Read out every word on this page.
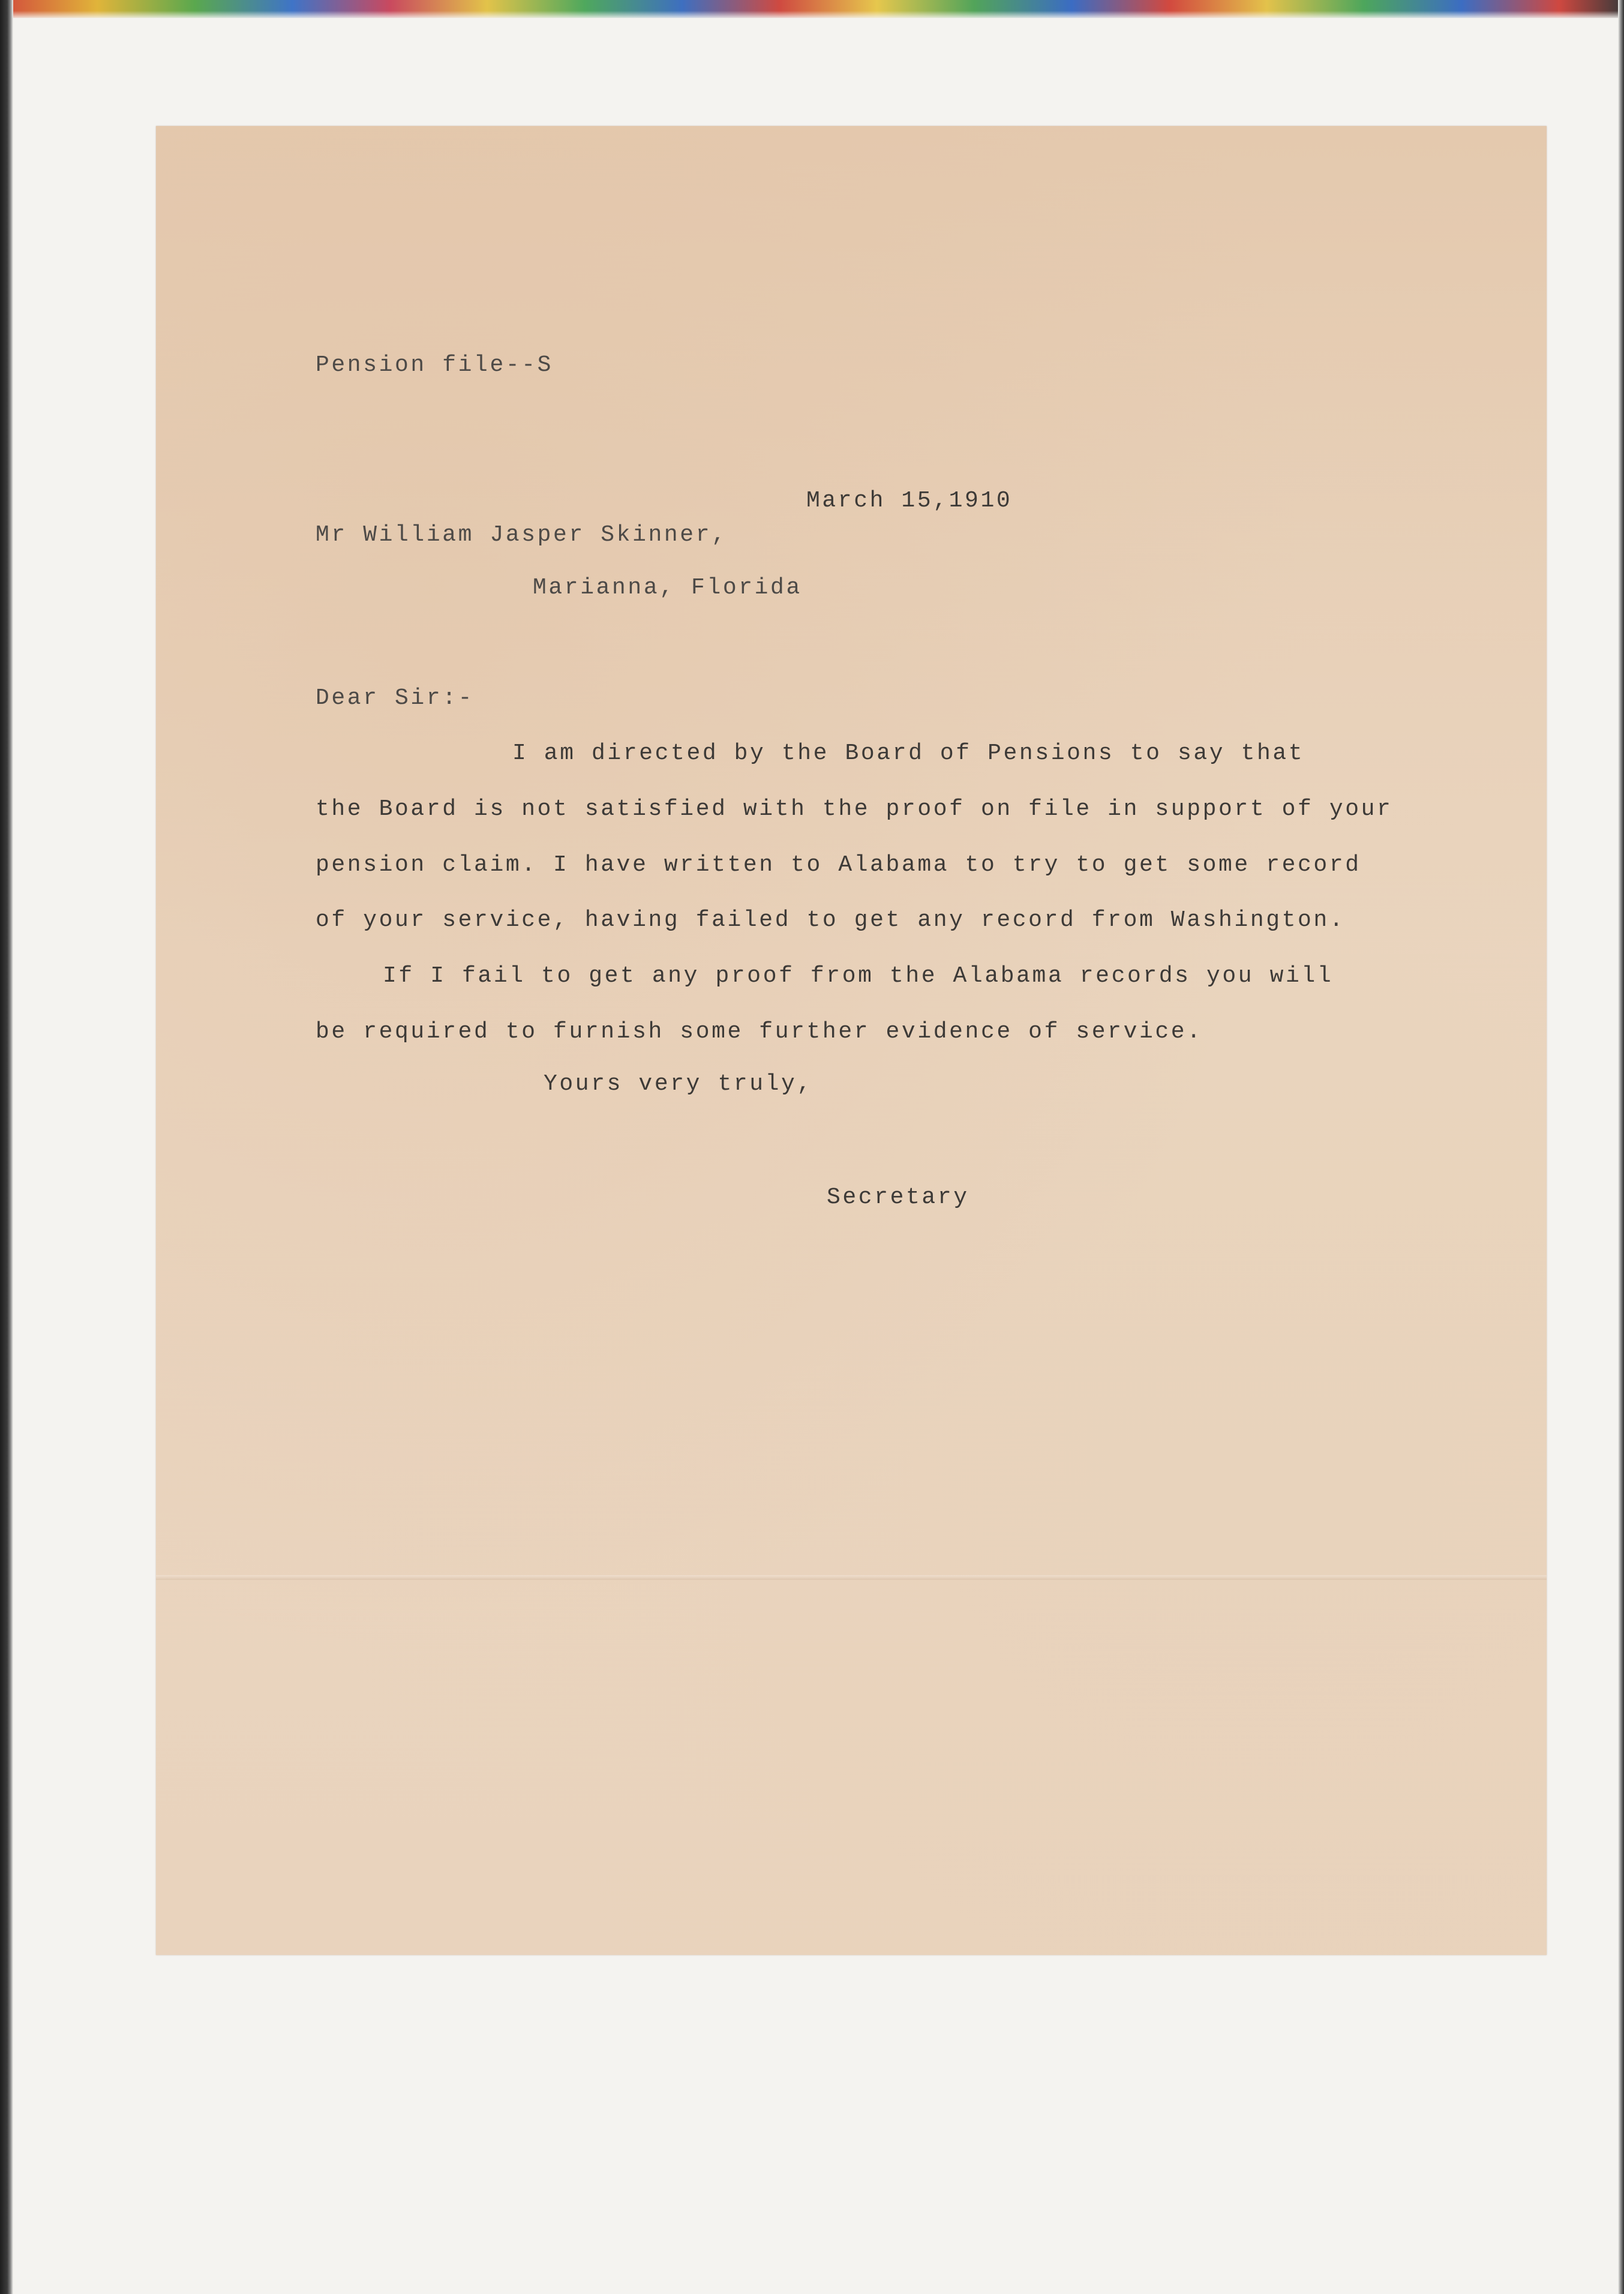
Pension file--S

March 15,1910

Mr William Jasper Skinner,

Marianna, Florida

Dear Sir:-

I am directed by the Board of Pensions to say that

the Board is not satisfied with the proof on file in support of your

pension claim. I have written to Alabama to try to get some record

of your service, having failed to get any record from Washington.

If I fail to get any proof from the Alabama records you will

be required to furnish some further evidence of service.

Yours very truly,

Secretary
